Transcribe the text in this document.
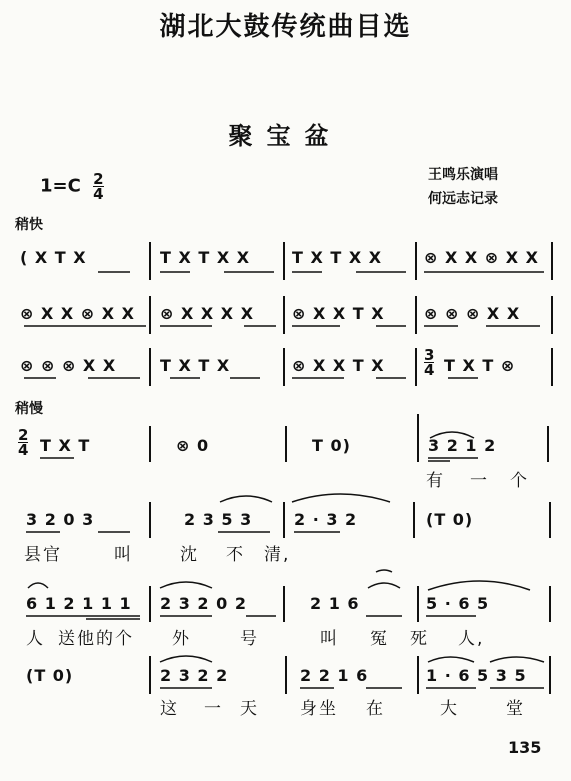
湖北大鼓传统曲目选
聚宝盆
$1=C \frac{2}{4}$	王鸣乐演唱
何远志记录
稍快
稍慢
( X T X	T X T X X	T X T X X	⊗ X X ⊗ X X
⊗ X X ⊗ X X ⊗ X X X X ⊗ X X T X ⊗ ⊗ ⊗ X X
⊗ ⊗ ⊗ X X	T X T X	⊗ X X T X	$\frac{3}{4}$ T X T ⊗
$\frac{2}{4}$ T X T	⊗ 0	T 0)	3 2 1 2
有 一 个
3 2 0 3	2 3 5 3	2 · 3 2	(T 0)
县官	叫	沈 不 清,
6 1 2 1 1 1 2 3 2 0 2	2 1 6	5 · 6 5
人 送他的个 外	号	叫 冤 死 人,
(T 0)	2 3 2 2	2 2 1 6	1 · 6 5 3 5
这 一 天 身坐 在	大	堂
135
